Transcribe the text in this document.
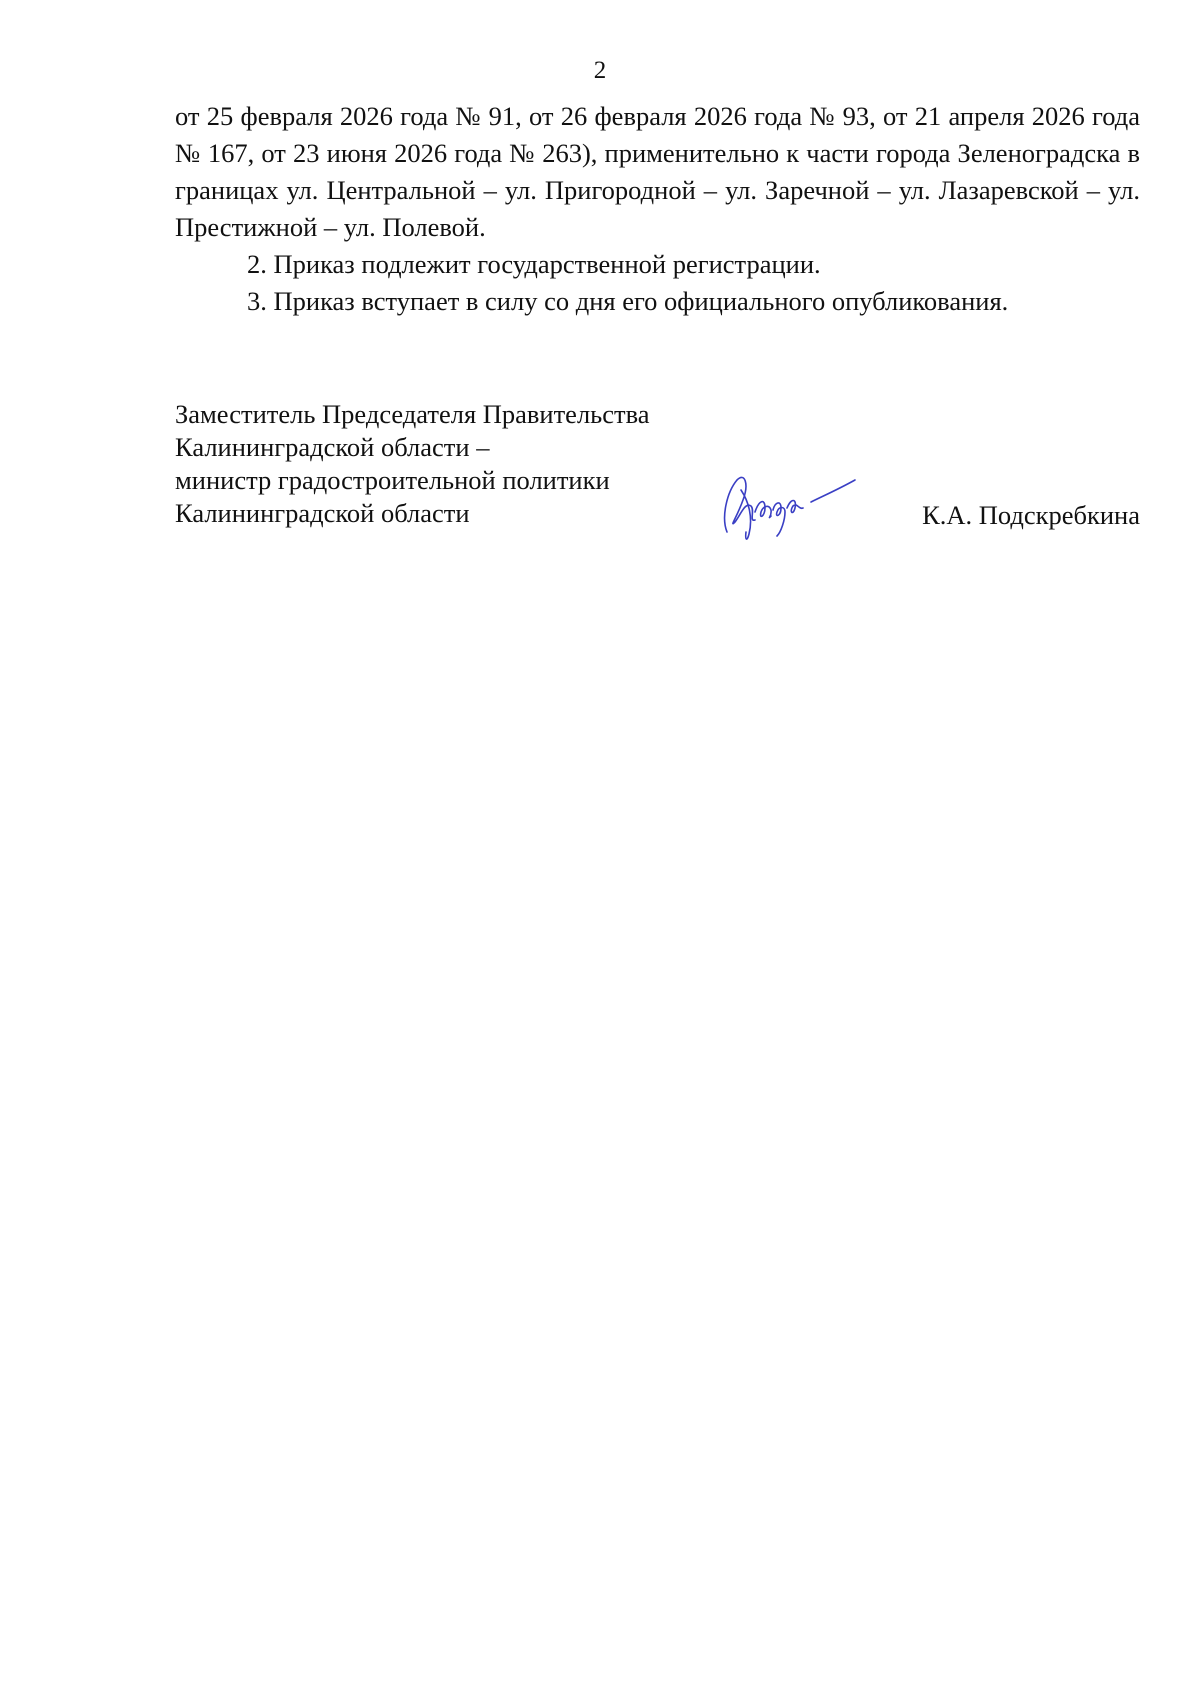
2

от 25 февраля 2026 года № 91, от 26 февраля 2026 года № 93, от 21 апреля 2026 года № 167, от 23 июня 2026 года № 263), применительно к части города Зеленоградска в границах ул. Центральной – ул. Пригородной – ул. Заречной – ул. Лазаревской – ул. Престижной – ул. Полевой.

2. Приказ подлежит государственной регистрации.

3. Приказ вступает в силу со дня его официального опубликования.

Заместитель Председателя Правительства
Калининградской области –
министр градостроительной политики
Калининградской области	К.А. Подскребкина
